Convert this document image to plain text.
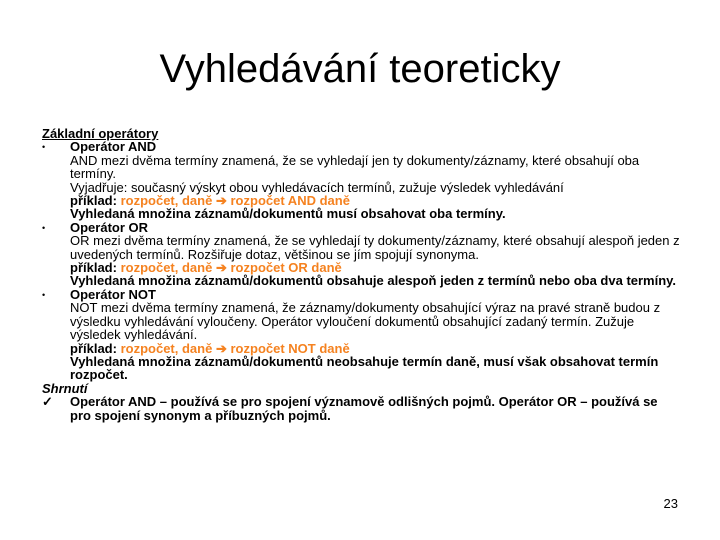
Vyhledávání teoreticky
Základní operátory
•	Operátor AND
AND mezi dvěma termíny znamená, že se vyhledají jen ty dokumenty/záznamy, které obsahují oba termíny.
Vyjadřuje: současný výskyt obou vyhledávacích termínů, zužuje výsledek vyhledávání
příklad: rozpočet, daně ➔ rozpočet AND daně
Vyhledaná množina záznamů/dokumentů musí obsahovat oba termíny.
•	Operátor OR
OR mezi dvěma termíny znamená, že se vyhledají ty dokumenty/záznamy, které obsahují alespoň jeden z uvedených termínů. Rozšiřuje dotaz, většinou se jím spojují synonyma.
příklad: rozpočet, daně ➔ rozpočet OR daně
Vyhledaná množina záznamů/dokumentů obsahuje alespoň jeden z termínů nebo oba dva termíny.
•	Operátor NOT
NOT mezi dvěma termíny znamená, že záznamy/dokumenty obsahující výraz na pravé straně budou z výsledku vyhledávání vyloučeny. Operátor vyloučení dokumentů obsahující zadaný termín. Zužuje výsledek vyhledávání.
příklad: rozpočet, daně ➔ rozpočet NOT daně
Vyhledaná množina záznamů/dokumentů neobsahuje termín daně, musí však obsahovat termín rozpočet.
Shrnutí
✓	Operátor AND – používá se pro spojení významově odlišných pojmů. Operátor OR – používá se pro spojení synonym a příbuzných pojmů.
23
